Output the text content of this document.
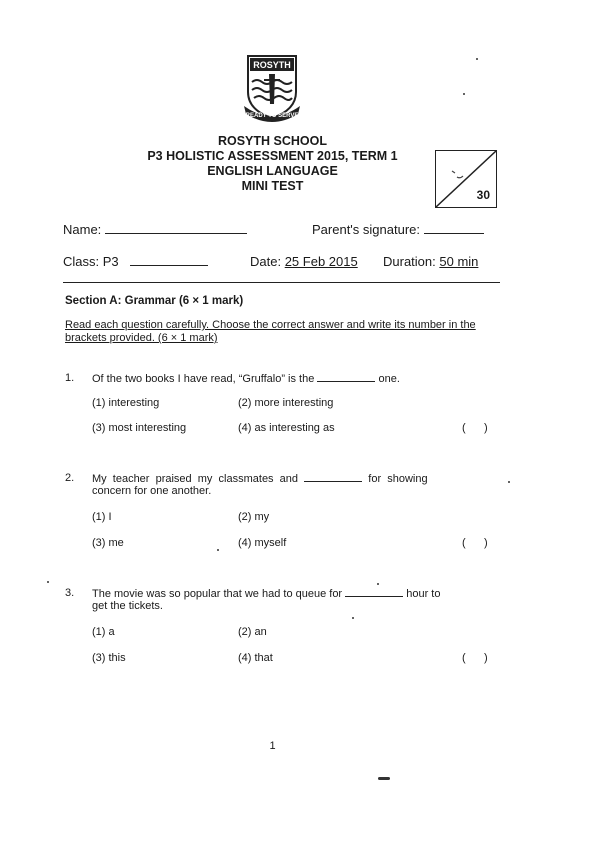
ROSYTH
READY TO SERVE
ROSYTH SCHOOL
P3 HOLISTIC ASSESSMENT 2015, TERM 1
ENGLISH LANGUAGE
MINI TEST
30
Name:	Parent's signature:
Class: P3	Date: 25 Feb 2015 Duration: 50 min
Section A: Grammar (6 × 1 mark)
Read each question carefully. Choose the correct answer and write its number in the brackets provided. (6 × 1 mark)
1. Of the two books I have read, “Gruffalo” is the	one.
(1) interesting	(2) more interesting
(3) most interesting	(4) as interesting as	(      )
2. My  teacher  praised  my  classmates  and	for  showing
concern for one another.
(1) I	(2) my
(3) me	(4) myself	(      )
3. The movie was so popular that we had to queue for	hour to
get the tickets.
(1) a	(2) an
(3) this	(4) that	(      )
1
